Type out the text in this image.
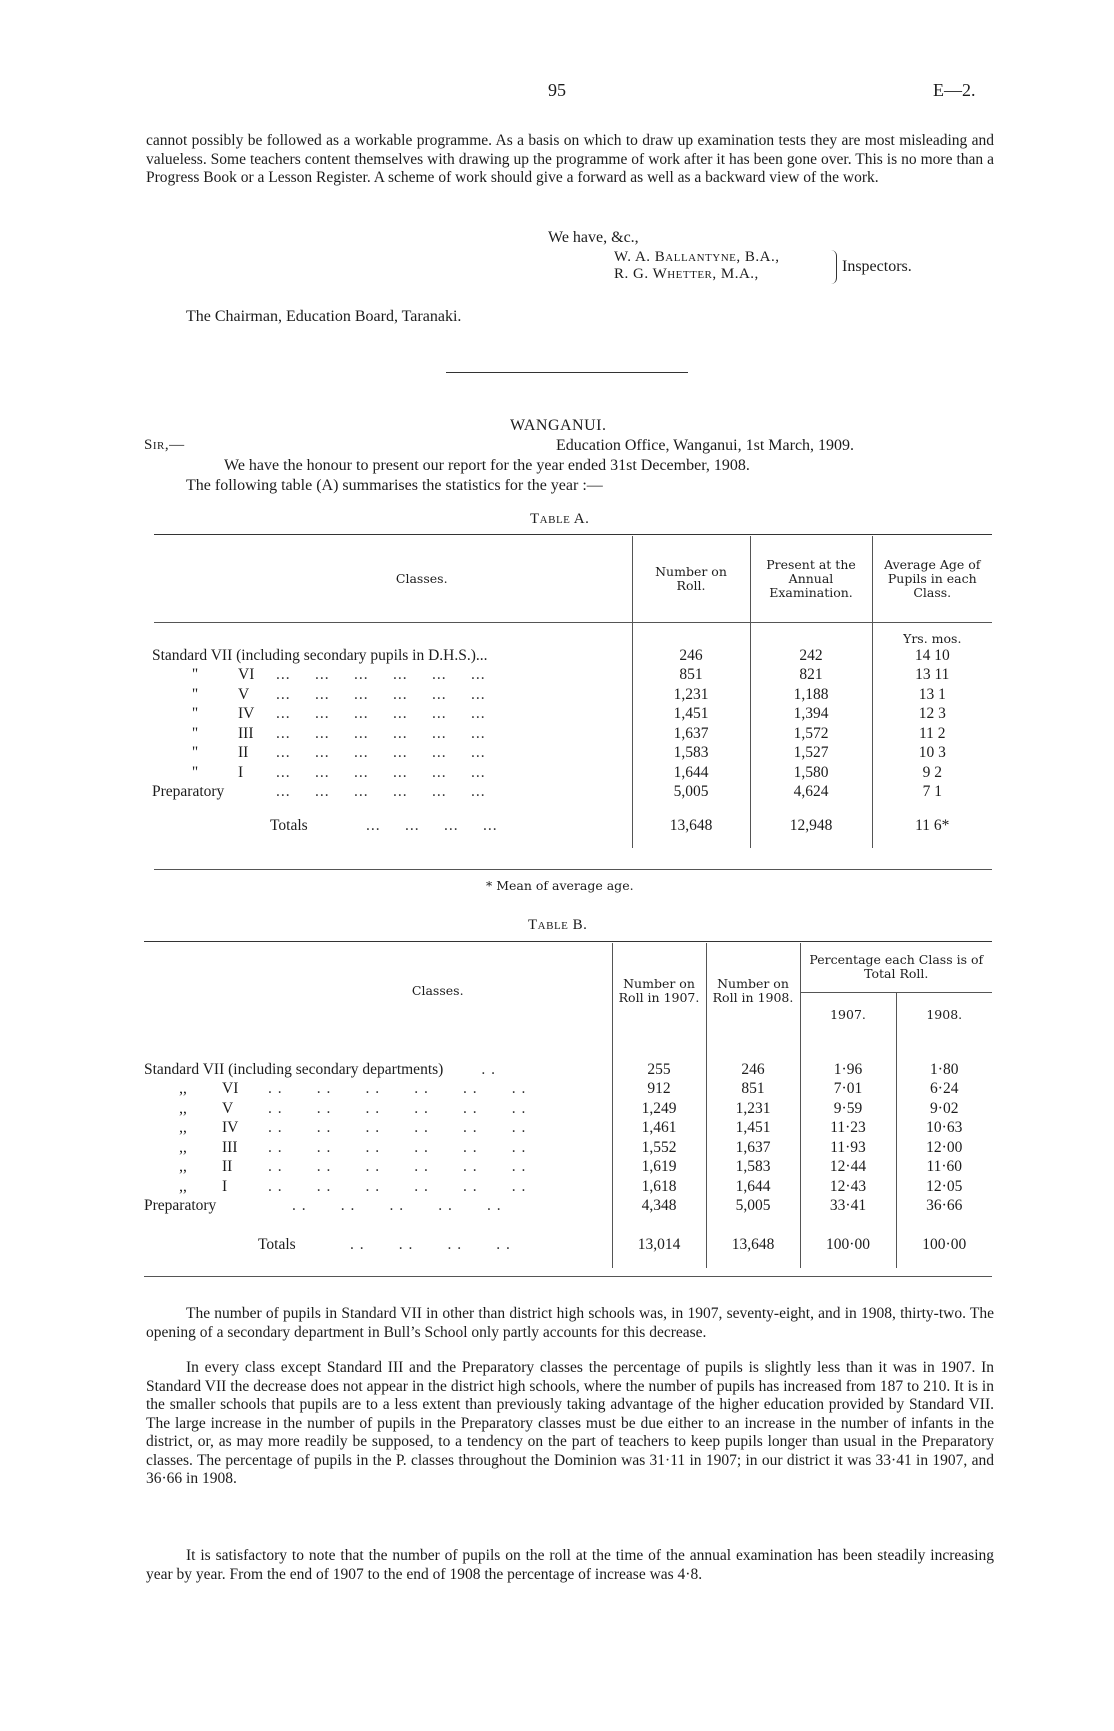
95	E—2.
cannot possibly be followed as a workable programme. As a basis on which to draw up examination tests they are most misleading and valueless. Some teachers content themselves with drawing up the programme of work after it has been gone over. This is no more than a Progress Book or a Lesson Register. A scheme of work should give a forward as well as a backward view of the work.
We have, &c.,
W. A. Ballantyne, B.A.,
R. G. Whetter, M.A.,	Inspectors.
The Chairman, Education Board, Taranaki.
WANGANUI.
Sir,—	Education Office, Wanganui, 1st March, 1909.
We have the honour to present our report for the year ended 31st December, 1908.
The following table (A) summarises the statistics for the year :—
Table A.
Classes.	Number on Roll.	Present at the Annual Examination.	Average Age of Pupils in each Class.
			Yrs. mos.
Standard VII (including secondary pupils in D.H.S.)...	246	242	14 10
" VI ...     ...     ...     ...     ...     ...	851	821	13 11
" V ...     ...     ...     ...     ...     ...	1,231	1,188	13 1
" IV ...     ...     ...     ...     ...     ...	1,451	1,394	12 3
" III ...     ...     ...     ...     ...     ...	1,637	1,572	11 2
" II ...     ...     ...     ...     ...     ...	1,583	1,527	10 3
" I ...     ...     ...     ...     ...     ...	1,644	1,580	9 2
Preparatory ...     ...     ...     ...     ...     ...	5,005	4,624	7 1

Totals ...     ...     ...     ...	13,648	12,948	11 6*

* Mean of average age.
Table B.
Classes.	Number on Roll in 1907.	Number on Roll in 1908.	Percentage each Class is of Total Roll.	
			1907.	1908.

Standard VII (including secondary departments) . .	255	246	1·96	1·80
,, VI . .       . .       . .       . .       . .       . .	912	851	7·01	6·24
,, V . .       . .       . .       . .       . .       . .	1,249	1,231	9·59	9·02
,, IV . .       . .       . .       . .       . .       . .	1,461	1,451	11·23	10·63
,, III . .       . .       . .       . .       . .       . .	1,552	1,637	11·93	12·00
,, II . .       . .       . .       . .       . .       . .	1,619	1,583	12·44	11·60
,, I . .       . .       . .       . .       . .       . .	1,618	1,644	12·43	12·05
Preparatory . .       . .       . .       . .       . .	4,348	5,005	33·41	36·66

Totals . .       . .       . .       . .	13,014	13,648	100·00	100·00

The number of pupils in Standard VII in other than district high schools was, in 1907, seventy-eight, and in 1908, thirty-two. The opening of a secondary department in Bull’s School only partly accounts for this decrease.
In every class except Standard III and the Preparatory classes the percentage of pupils is slightly less than it was in 1907. In Standard VII the decrease does not appear in the district high schools, where the number of pupils has increased from 187 to 210. It is in the smaller schools that pupils are to a less extent than previously taking advantage of the higher education provided by Standard VII. The large increase in the number of pupils in the Preparatory classes must be due either to an increase in the number of infants in the district, or, as may more readily be supposed, to a tendency on the part of teachers to keep pupils longer than usual in the Preparatory classes. The percentage of pupils in the P. classes throughout the Dominion was 31·11 in 1907; in our district it was 33·41 in 1907, and 36·66 in 1908.
It is satisfactory to note that the number of pupils on the roll at the time of the annual examination has been steadily increasing year by year. From the end of 1907 to the end of 1908 the percentage of increase was 4·8.
